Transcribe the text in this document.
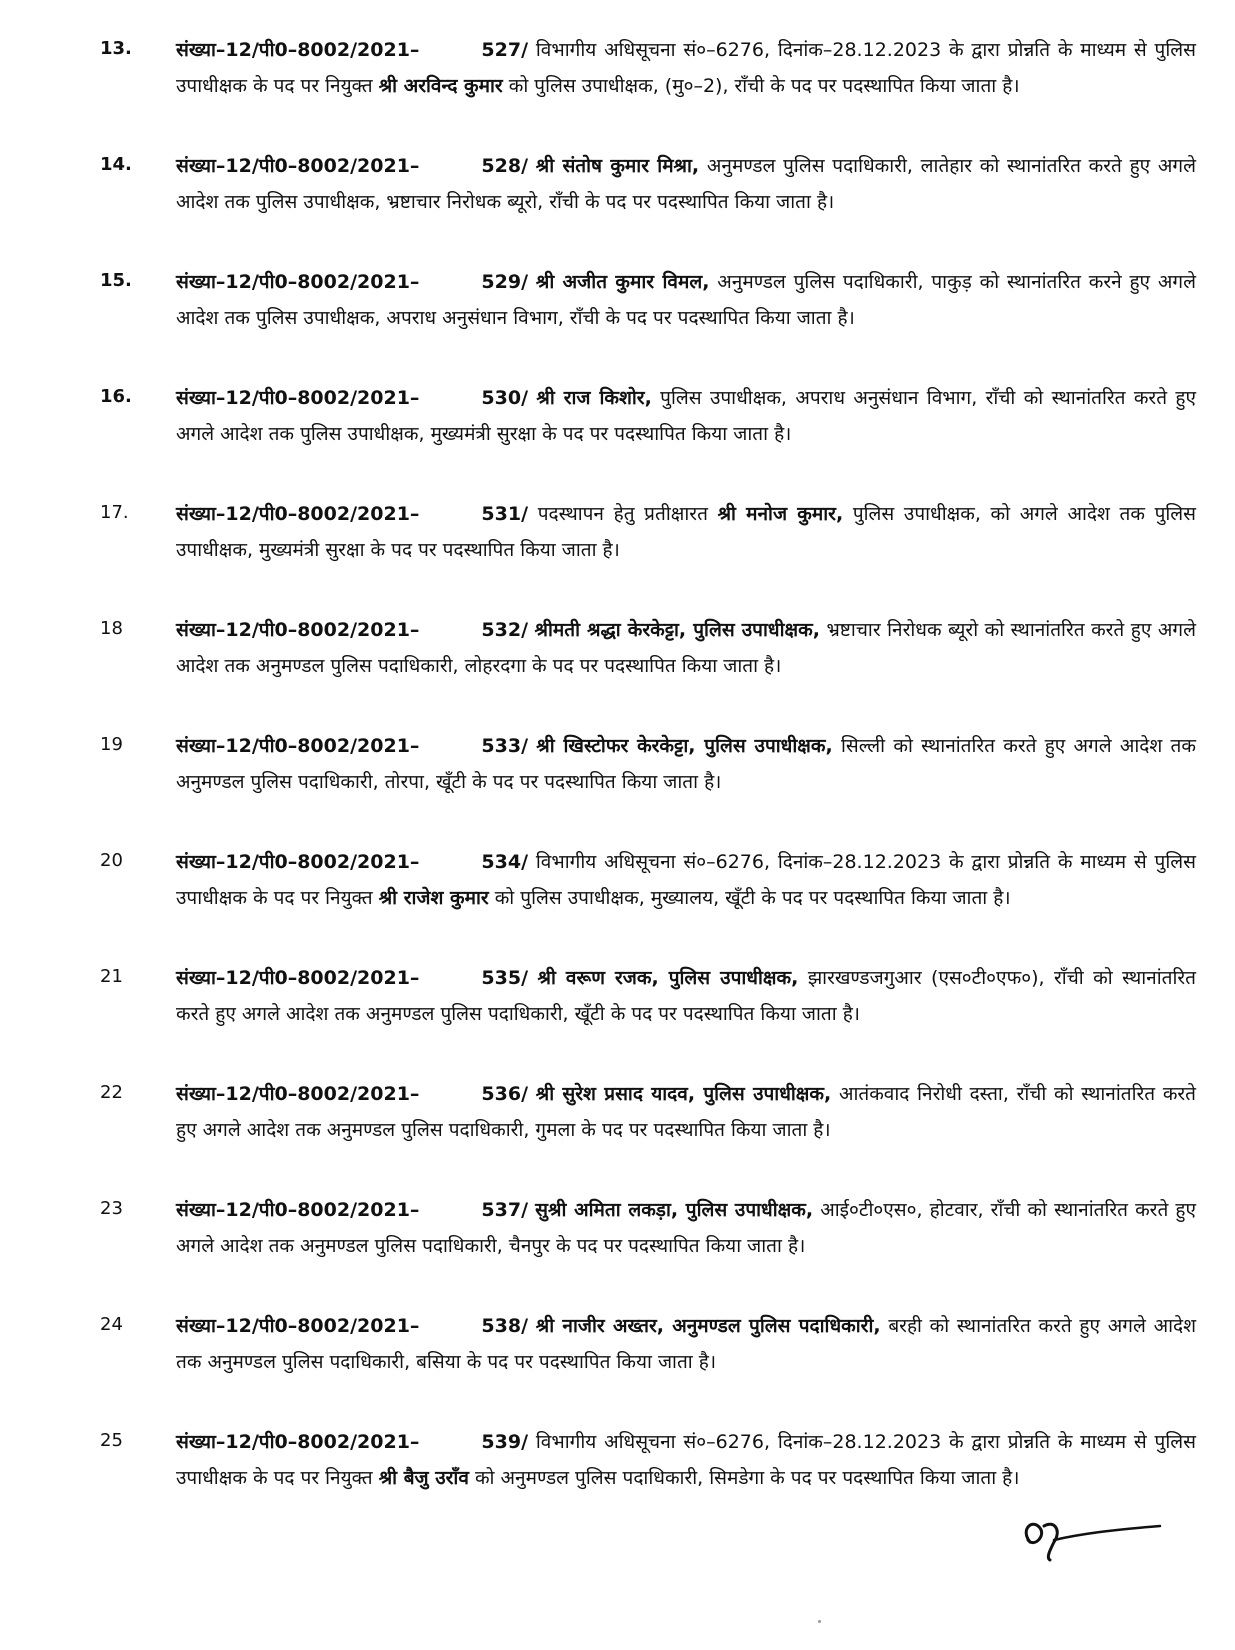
13. संख्या–12/पी0–8002/2021–	527/ विभागीय अधिसूचना सं०–6276, दिनांक–28.12.2023 के द्वारा प्रोन्नति के माध्यम से पुलिस उपाधीक्षक के पद पर नियुक्त श्री अरविन्द कुमार को पुलिस उपाधीक्षक, (मु०–2), राँची के पद पर पदस्थापित किया जाता है।
14. संख्या–12/पी0–8002/2021–	528/ श्री संतोष कुमार मिश्रा, अनुमण्डल पुलिस पदाधिकारी, लातेहार को स्थानांतरित करते हुए अगले आदेश तक पुलिस उपाधीक्षक, भ्रष्टाचार निरोधक ब्यूरो, राँची के पद पर पदस्थापित किया जाता है।
15. संख्या–12/पी0–8002/2021–	529/ श्री अजीत कुमार विमल, अनुमण्डल पुलिस पदाधिकारी, पाकुड़ को स्थानांतरित करने हुए अगले आदेश तक पुलिस उपाधीक्षक, अपराध अनुसंधान विभाग, राँची के पद पर पदस्थापित किया जाता है।
16. संख्या–12/पी0–8002/2021–	530/ श्री राज किशोर, पुलिस उपाधीक्षक, अपराध अनुसंधान विभाग, राँची को स्थानांतरित करते हुए अगले आदेश तक पुलिस उपाधीक्षक, मुख्यमंत्री सुरक्षा के पद पर पदस्थापित किया जाता है।
17. संख्या–12/पी0–8002/2021–	531/ पदस्थापन हेतु प्रतीक्षारत श्री मनोज कुमार, पुलिस उपाधीक्षक, को अगले आदेश तक पुलिस उपाधीक्षक, मुख्यमंत्री सुरक्षा के पद पर पदस्थापित किया जाता है।
18	संख्या–12/पी0–8002/2021–	532/ श्रीमती श्रद्धा केरकेट्टा, पुलिस उपाधीक्षक, भ्रष्टाचार निरोधक ब्यूरो को स्थानांतरित करते हुए अगले आदेश तक अनुमण्डल पुलिस पदाधिकारी, लोहरदगा के पद पर पदस्थापित किया जाता है।
19	संख्या–12/पी0–8002/2021–	533/ श्री खिस्टोफर केरकेट्टा, पुलिस उपाधीक्षक, सिल्ली को स्थानांतरित करते हुए अगले आदेश तक अनुमण्डल पुलिस पदाधिकारी, तोरपा, खूँटी के पद पर पदस्थापित किया जाता है।
20	संख्या–12/पी0–8002/2021–	534/ विभागीय अधिसूचना सं०–6276, दिनांक–28.12.2023 के द्वारा प्रोन्नति के माध्यम से पुलिस उपाधीक्षक के पद पर नियुक्त श्री राजेश कुमार को पुलिस उपाधीक्षक, मुख्यालय, खूँटी के पद पर पदस्थापित किया जाता है।
21	संख्या–12/पी0–8002/2021–	535/ श्री वरूण रजक, पुलिस उपाधीक्षक, झारखण्डजगुआर (एस०टी०एफ०), राँची को स्थानांतरित करते हुए अगले आदेश तक अनुमण्डल पुलिस पदाधिकारी, खूँटी के पद पर पदस्थापित किया जाता है।
22	संख्या–12/पी0–8002/2021–	536/ श्री सुरेश प्रसाद यादव, पुलिस उपाधीक्षक, आतंकवाद निरोधी दस्ता, राँची को स्थानांतरित करते हुए अगले आदेश तक अनुमण्डल पुलिस पदाधिकारी, गुमला के पद पर पदस्थापित किया जाता है।
23	संख्या–12/पी0–8002/2021–	537/ सुश्री अमिता लकड़ा, पुलिस उपाधीक्षक, आई०टी०एस०, होटवार, राँची को स्थानांतरित करते हुए अगले आदेश तक अनुमण्डल पुलिस पदाधिकारी, चैनपुर के पद पर पदस्थापित किया जाता है।
24	संख्या–12/पी0–8002/2021–	538/ श्री नाजीर अख्तर, अनुमण्डल पुलिस पदाधिकारी, बरही को स्थानांतरित करते हुए अगले आदेश तक अनुमण्डल पुलिस पदाधिकारी, बसिया के पद पर पदस्थापित किया जाता है।
25	संख्या–12/पी0–8002/2021–	539/ विभागीय अधिसूचना सं०–6276, दिनांक–28.12.2023 के द्वारा प्रोन्नति के माध्यम से पुलिस उपाधीक्षक के पद पर नियुक्त श्री बैजु उराँव को अनुमण्डल पुलिस पदाधिकारी, सिमडेगा के पद पर पदस्थापित किया जाता है।
